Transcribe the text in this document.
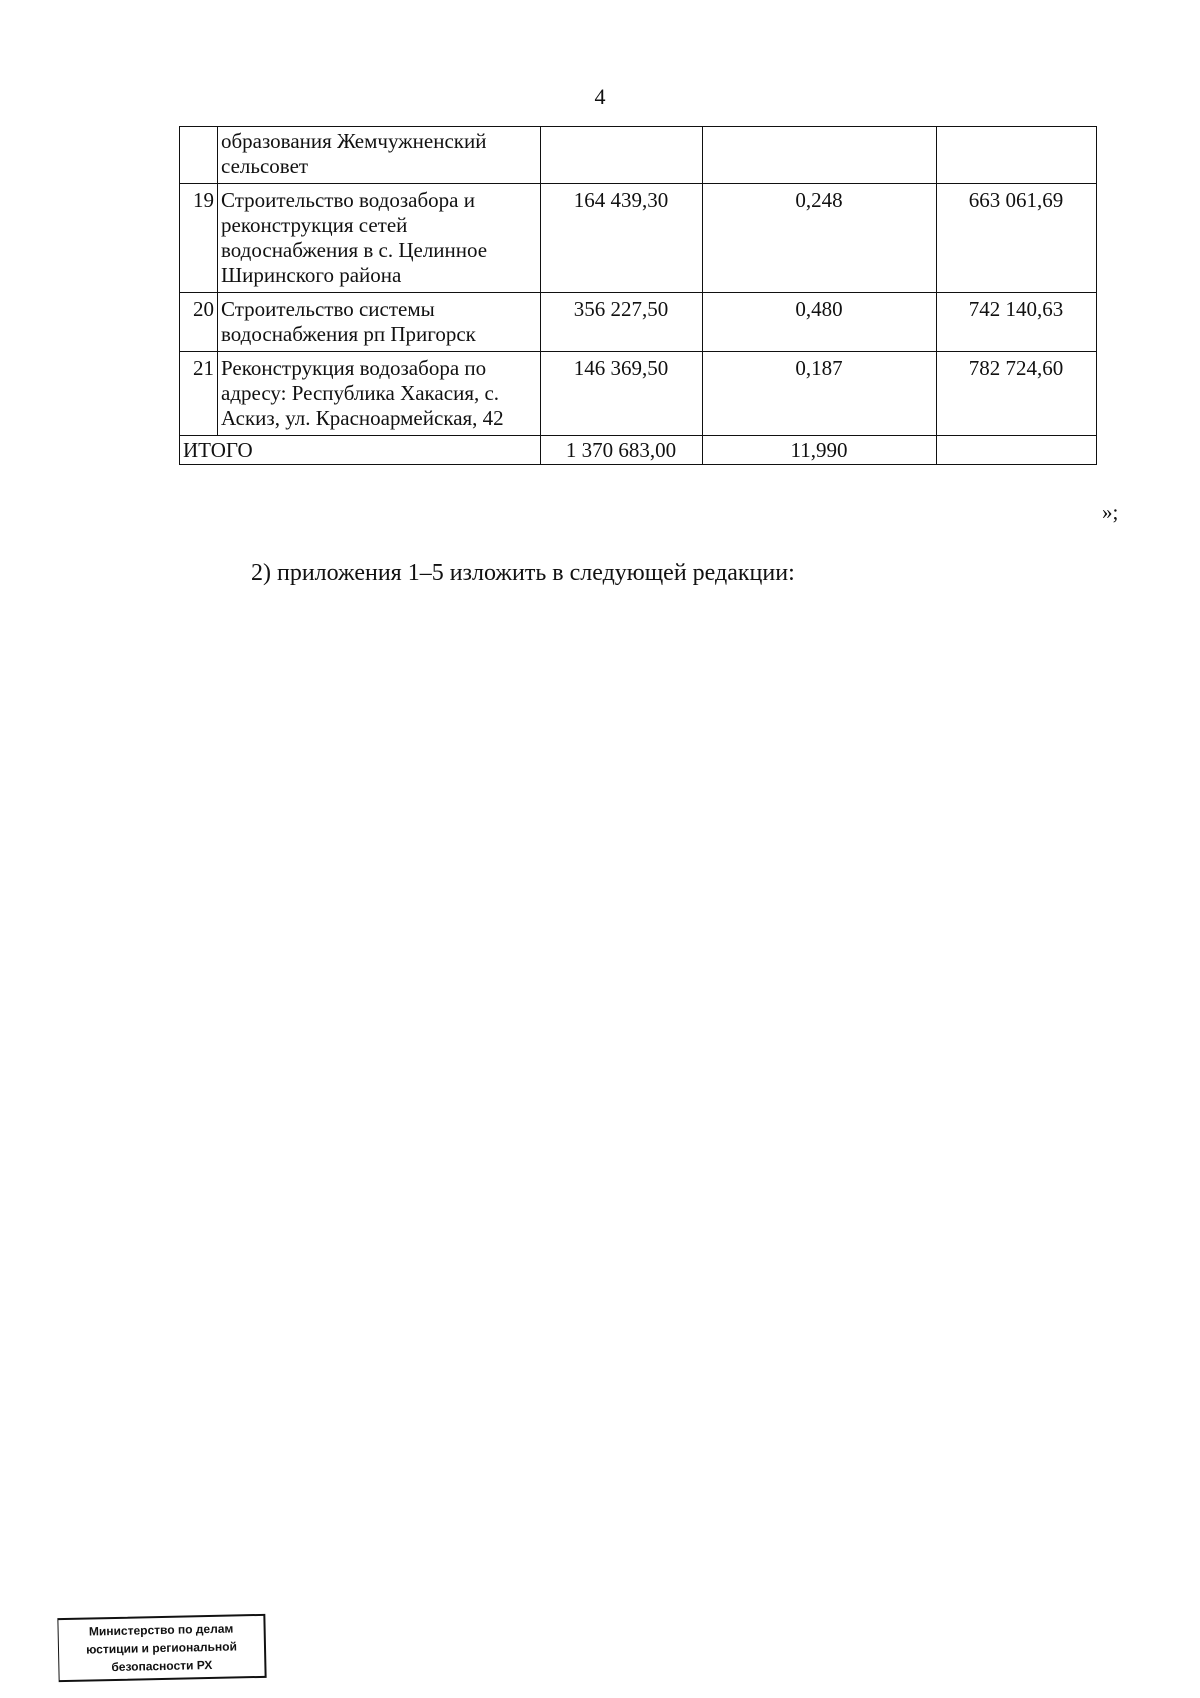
4
	образования Жемчужненский сельсовет			
19	Строительство водозабора и реконструкция сетей водоснабжения в с. Целинное Ширинского района	164 439,30	0,248	663 061,69
20	Строительство системы водоснабжения рп Пригорск	356 227,50	0,480	742 140,63
21	Реконструкция водозабора по адресу: Республика Хакасия, с. Аскиз, ул. Красноармейская, 42	146 369,50	0,187	782 724,60
ИТОГО		1 370 683,00	11,990	
»;
2) приложения 1–5 изложить в следующей редакции:
Министерство по делам
юстиции и региональной
безопасности РХ
